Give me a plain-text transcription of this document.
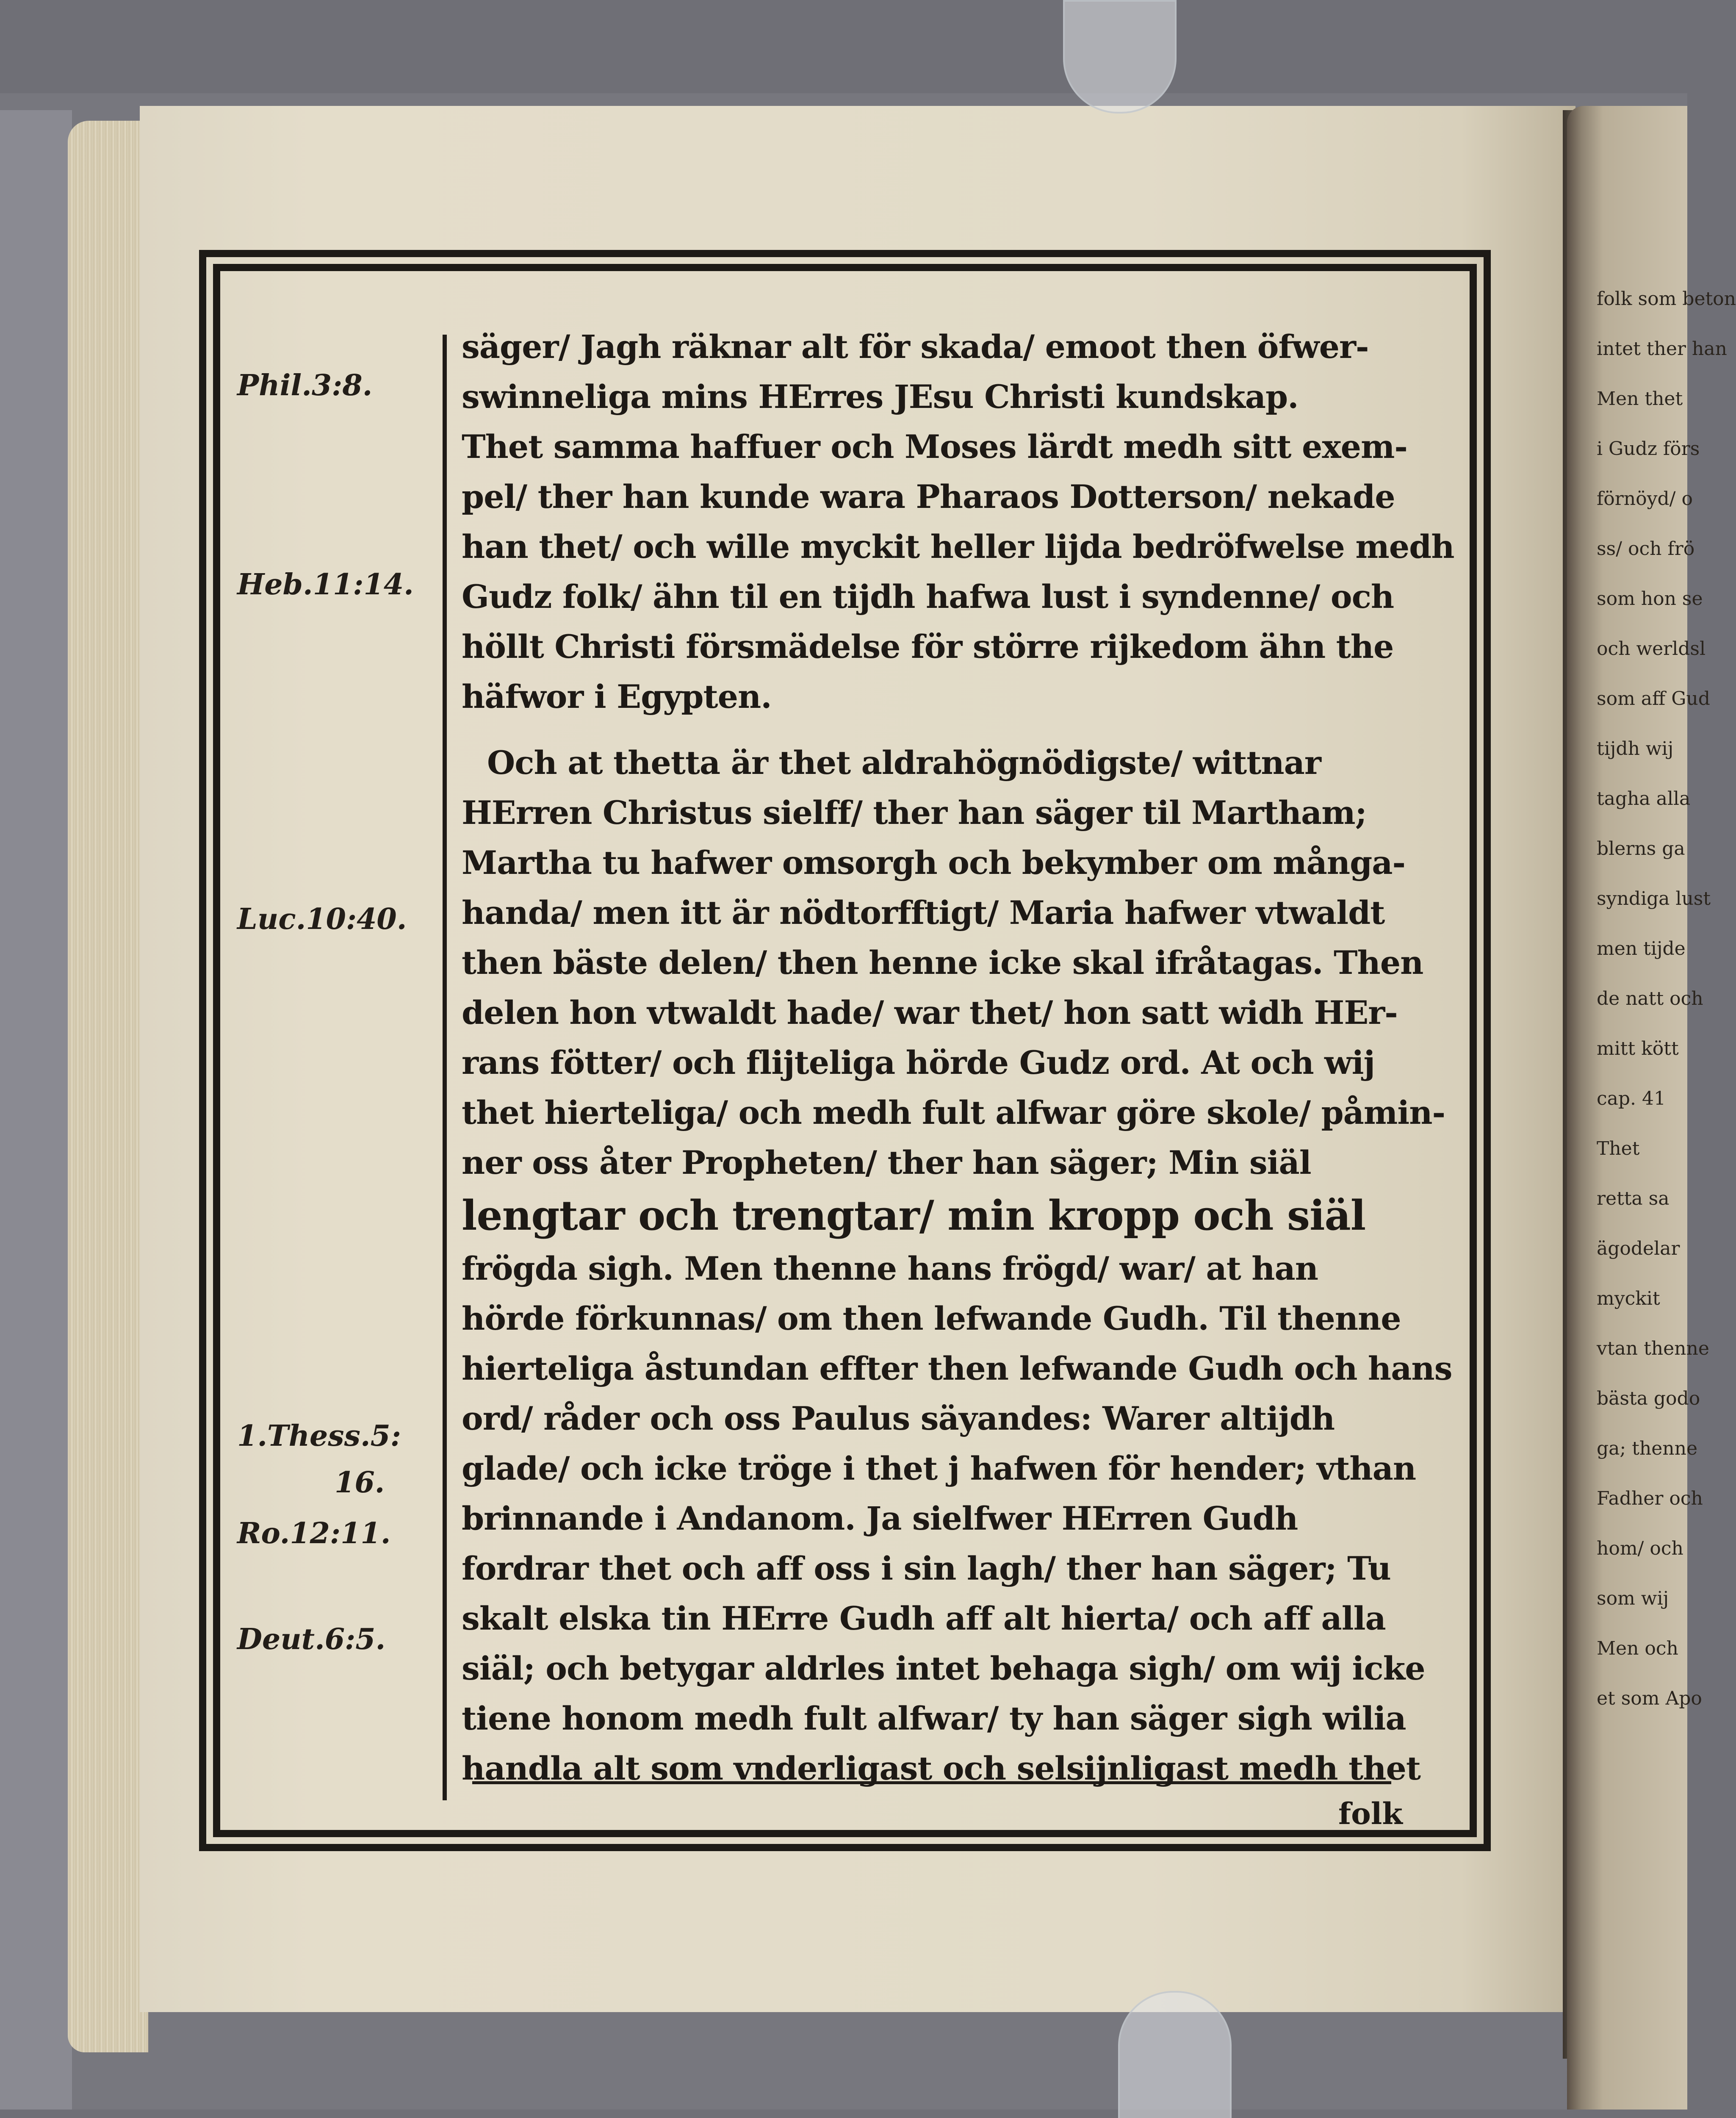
folk som beton
intet ther han
Men thet
i Gudz förs
förnöyd/ o
ss/ och frö
som hon se
och werldsl
som aff Gud
tijdh wij
tagha alla
blerns ga
syndiga lust
men tijde
de natt och
mitt kött
cap. 41
Thet
retta sa
ägodelar
myckit
vtan thenne
bästa godo
ga; thenne
Fadher och
hom/ och
som wij
Men och
et som Apo
Phil.3:8.
Heb.11:14.
Luc.10:40.
1.Thess.5:
16.
Ro.12:11.
Deut.6:5.
säger/ Jagh räknar alt för skada/ emoot then öfwer-
swinneliga mins HErres JEsu Christi kundskap.
Thet samma haffuer och Moses lärdt medh sitt exem-
pel/ ther han kunde wara Pharaos Dotterson/ nekade
han thet/ och wille myckit heller lijda bedröfwelse medh
Gudz folk/ ähn til en tijdh hafwa lust i syndenne/ och
höllt Christi försmädelse för större rijkedom ähn the
häfwor i Egypten.
Och at thetta är thet aldrahögnödigste/ wittnar
HErren Christus sielff/ ther han säger til Martham;
Martha tu hafwer omsorgh och bekymber om många-
handa/ men itt är nödtorfftigt/ Maria hafwer vtwaldt
then bäste delen/ then henne icke skal ifråtagas. Then
delen hon vtwaldt hade/ war thet/ hon satt widh HEr-
rans fötter/ och flijteliga hörde Gudz ord. At och wij
thet hierteliga/ och medh fult alfwar göre skole/ påmin-
ner oss åter Propheten/ ther han säger; Min siäl
lengtar och trengtar/ min kropp och siäl
frögda sigh. Men thenne hans frögd/ war/ at han
hörde förkunnas/ om then lefwande Gudh. Til thenne
hierteliga åstundan effter then lefwande Gudh och hans
ord/ råder och oss Paulus säyandes: Warer altijdh
glade/ och icke tröge i thet j hafwen för hender; vthan
brinnande i Andanom. Ja sielfwer HErren Gudh
fordrar thet och aff oss i sin lagh/ ther han säger; Tu
skalt elska tin HErre Gudh aff alt hierta/ och aff alla
siäl; och betygar aldrles intet behaga sigh/ om wij icke
tiene honom medh fult alfwar/ ty han säger sigh wilia
handla alt som vnderligast och selsijnligast medh thet
folk
